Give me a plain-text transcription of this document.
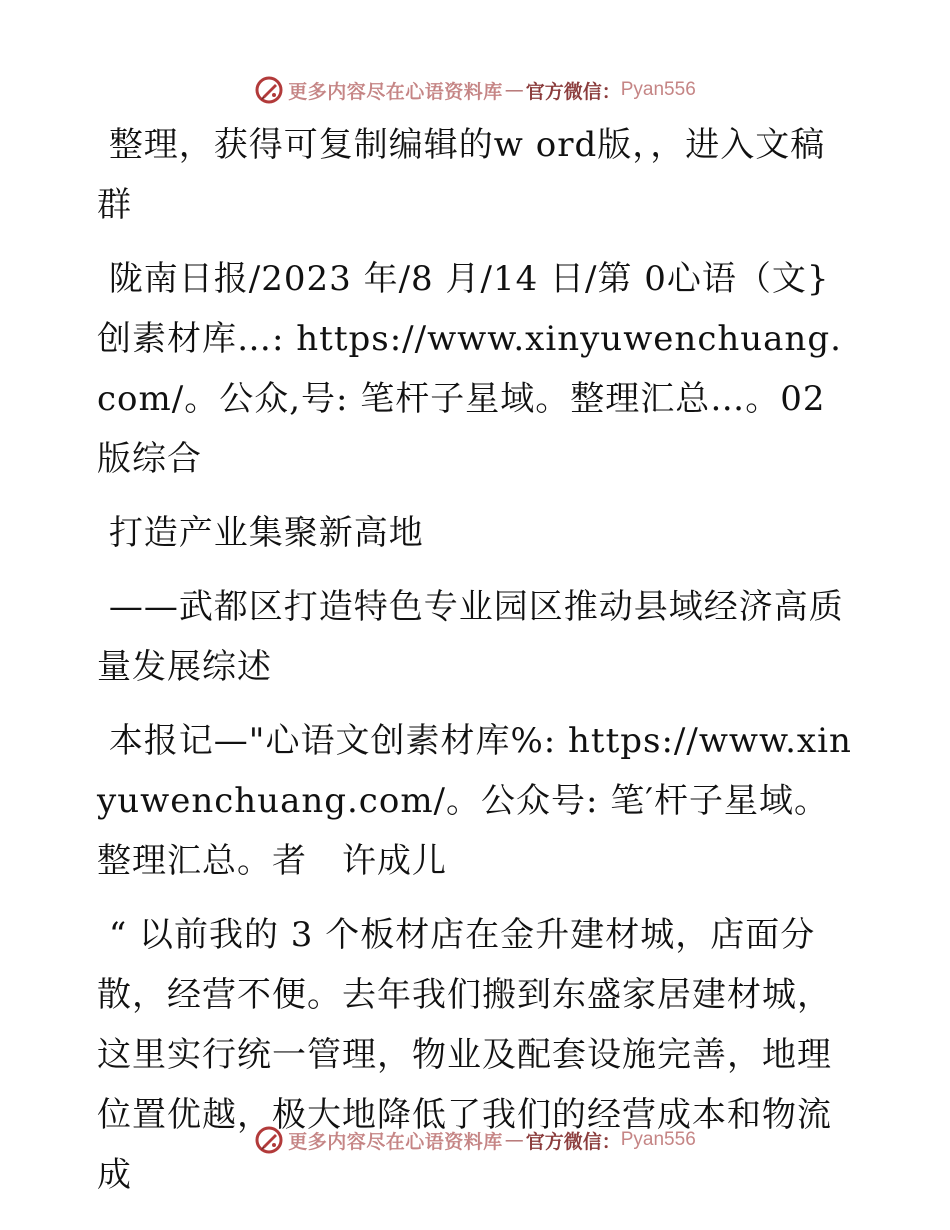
更多内容尽在心语资料库 — 官方微信： Pyan556

整理，获得可复制编辑的w ord版，，进入文稿群

陇南日报/2023 年/8 月/14 日/第 0心语（文}创素材库…: https://www.xinyuwenchuang.com/。公众,号: 笔杆子星域。整理汇总…。02 版综合

打造产业集聚新高地

——武都区打造特色专业园区推动县域经济高质量发展综述

本报记—"心语文创素材库%: https://www.xinyuwenchuang.com/。公众号: 笔′杆子星域。整理汇总。者　许成儿

“ 以前我的 3 个板材店在金升建材城，店面分散，经营不便。去年我们搬到东盛家居建材城，这里实行统一管理，物业及配套设施完善，地理位置优越，极大地降低了我们的经营成本和物流成

更多内容尽在心语资料库 — 官方微信： Pyan556
